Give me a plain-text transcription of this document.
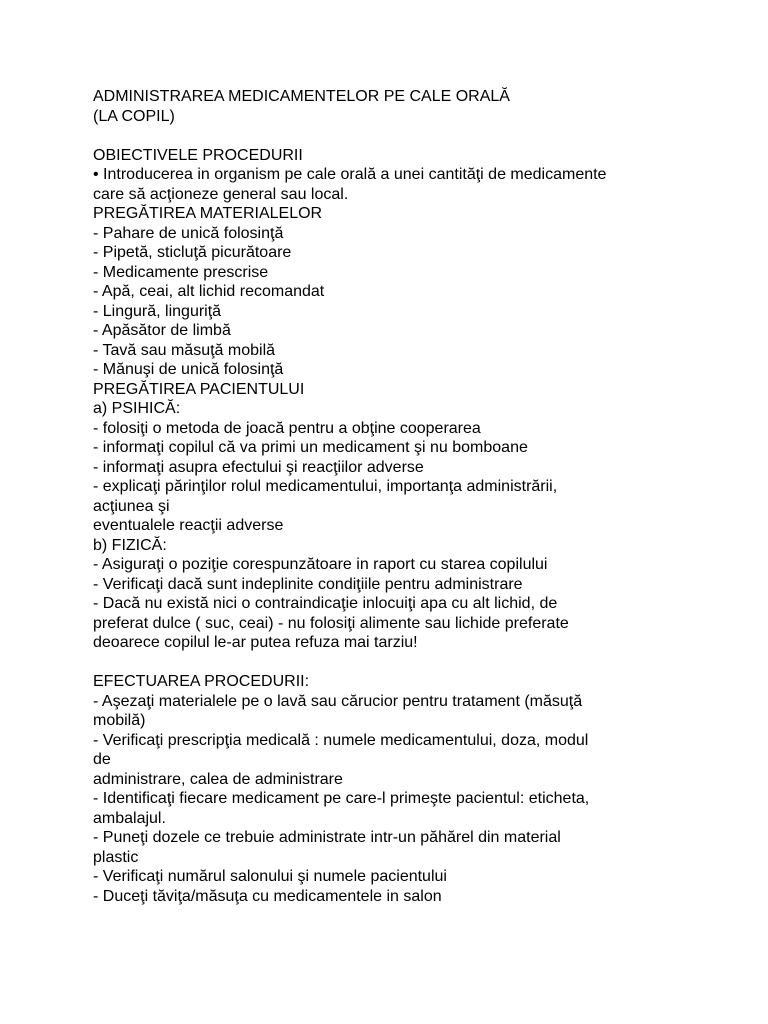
ADMINISTRAREA MEDICAMENTELOR PE CALE ORALĂ
(LA COPIL)
OBIECTIVELE PROCEDURII
• Introducerea in organism pe cale orală a unei cantităţi de medicamente
care să acţioneze general sau local.
PREGĂTIREA MATERIALELOR
- Pahare de unică folosinţă
- Pipetă, sticluţă picurătoare
- Medicamente prescrise
- Apă, ceai, alt lichid recomandat
- Lingură, linguriţă
- Apăsător de limbă
- Tavă sau măsuţă mobilă
- Mănuşi de unică folosinţă
PREGĂTIREA PACIENTULUI
a) PSIHICĂ:
- folosiţi o metoda de joacă pentru a obţine cooperarea
- informaţi copilul că va primi un medicament şi nu bomboane
- informaţi asupra efectului şi reacţiilor adverse
- explicaţi părinţilor rolul medicamentului, importanţa administrării,
acţiunea şi
eventualele reacţii adverse
b) FIZICĂ:
- Asiguraţi o poziţie corespunzătoare in raport cu starea copilului
- Verificaţi dacă sunt indeplinite condiţiile pentru administrare
- Dacă nu există nici o contraindicaţie inlocuiţi apa cu alt lichid, de
preferat dulce ( suc, ceai) - nu folosiţi alimente sau lichide preferate
deoarece copilul le-ar putea refuza mai tarziu!
EFECTUAREA PROCEDURII:
- Aşezaţi materialele pe o lavă sau cărucior pentru tratament (măsuţă
mobilă)
- Verificaţi prescripţia medicală : numele medicamentului, doza, modul
de
administrare, calea de administrare
- Identificaţi fiecare medicament pe care-l primeşte pacientul: eticheta,
ambalajul.
- Puneţi dozele ce trebuie administrate intr-un păhărel din material
plastic
- Verificaţi numărul salonului şi numele pacientului
- Duceţi tăviţa/măsuţa cu medicamentele in salon
